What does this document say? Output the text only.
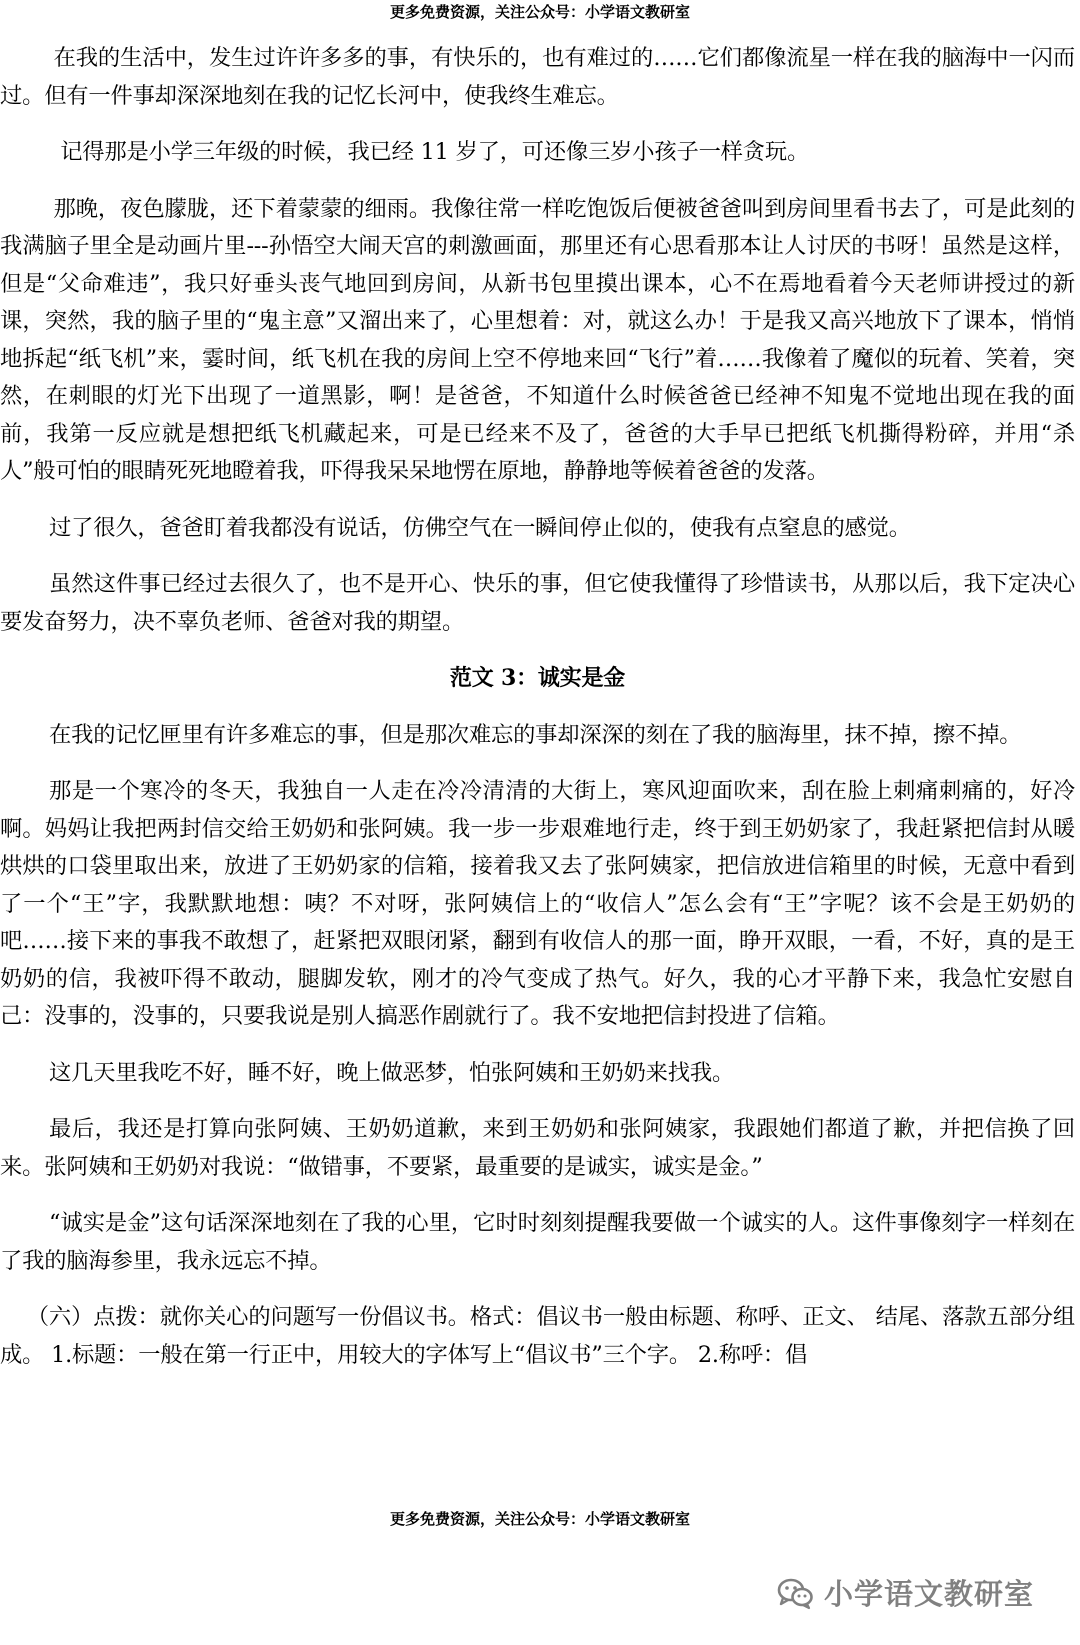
更多免费资源，关注公众号：小学语文教研室

在我的生活中，发生过许许多多的事，有快乐的，也有难过的……它们都像流星一样在我的脑海中一闪而过。但有一件事却深深地刻在我的记忆长河中，使我终生难忘。

记得那是小学三年级的时候，我已经 11 岁了，可还像三岁小孩子一样贪玩。

那晚，夜色朦胧，还下着蒙蒙的细雨。我像往常一样吃饱饭后便被爸爸叫到房间里看书去了，可是此刻的我满脑子里全是动画片里---孙悟空大闹天宫的刺激画面，那里还有心思看那本让人讨厌的书呀！虽然是这样，但是“父命难违”，我只好垂头丧气地回到房间，从新书包里摸出课本，心不在焉地看着今天老师讲授过的新课，突然，我的脑子里的“鬼主意”又溜出来了，心里想着：对，就这么办！于是我又高兴地放下了课本，悄悄地拆起“纸飞机”来，霎时间，纸飞机在我的房间上空不停地来回“飞行”着……我像着了魔似的玩着、笑着，突然，在刺眼的灯光下出现了一道黑影，啊！是爸爸，不知道什么时候爸爸已经神不知鬼不觉地出现在我的面前，我第一反应就是想把纸飞机藏起来，可是已经来不及了，爸爸的大手早已把纸飞机撕得粉碎，并用“杀人”般可怕的眼睛死死地瞪着我，吓得我呆呆地愣在原地，静静地等候着爸爸的发落。

过了很久，爸爸盯着我都没有说话，仿佛空气在一瞬间停止似的，使我有点窒息的感觉。

虽然这件事已经过去很久了，也不是开心、快乐的事，但它使我懂得了珍惜读书，从那以后，我下定决心要发奋努力，决不辜负老师、爸爸对我的期望。

范文 3：诚实是金

在我的记忆匣里有许多难忘的事，但是那次难忘的事却深深的刻在了我的脑海里，抹不掉，擦不掉。

那是一个寒冷的冬天，我独自一人走在冷冷清清的大街上，寒风迎面吹来，刮在脸上刺痛刺痛的，好冷啊。妈妈让我把两封信交给王奶奶和张阿姨。我一步一步艰难地行走，终于到王奶奶家了，我赶紧把信封从暖烘烘的口袋里取出来，放进了王奶奶家的信箱，接着我又去了张阿姨家，把信放进信箱里的时候，无意中看到了一个“王”字，我默默地想：咦？不对呀，张阿姨信上的“收信人”怎么会有“王”字呢？该不会是王奶奶的吧……接下来的事我不敢想了，赶紧把双眼闭紧，翻到有收信人的那一面，睁开双眼，一看，不好，真的是王奶奶的信，我被吓得不敢动，腿脚发软，刚才的冷气变成了热气。好久，我的心才平静下来，我急忙安慰自己：没事的，没事的，只要我说是别人搞恶作剧就行了。我不安地把信封投进了信箱。

这几天里我吃不好，睡不好，晚上做恶梦，怕张阿姨和王奶奶来找我。

最后，我还是打算向张阿姨、王奶奶道歉，来到王奶奶和张阿姨家，我跟她们都道了歉，并把信换了回来。张阿姨和王奶奶对我说：“做错事，不要紧，最重要的是诚实，诚实是金。”

“诚实是金”这句话深深地刻在了我的心里，它时时刻刻提醒我要做一个诚实的人。这件事像刻字一样刻在了我的脑海参里，我永远忘不掉。

（六）点拨：就你关心的问题写一份倡议书。格式：倡议书一般由标题、称呼、正文、 结尾、落款五部分组成。 1.标题：一般在第一行正中，用较大的字体写上“倡议书”三个字。 2.称呼：倡

更多免费资源，关注公众号：小学语文教研室
小学语文教研室
